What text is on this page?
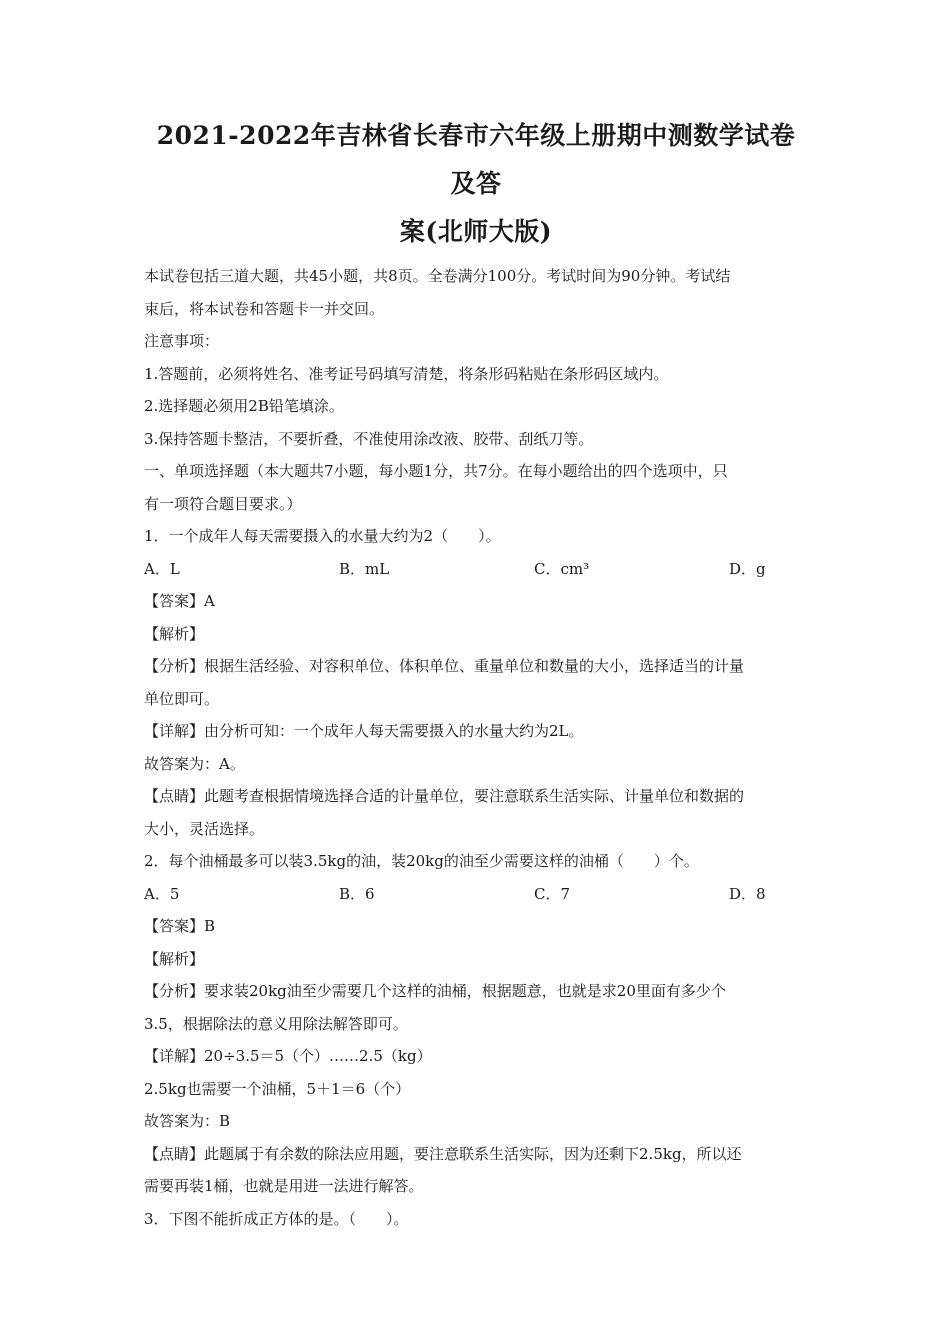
2021-2022年吉林省长春市六年级上册期中测数学试卷及答
案(北师大版)
本试卷包括三道大题，共45小题，共8页。全卷满分100分。考试时间为90分钟。考试结
束后，将本试卷和答题卡一并交回。
注意事项：
1.答题前，必须将姓名、准考证号码填写清楚，将条形码粘贴在条形码区域内。
2.选择题必须用2B铅笔填涂。
3.保持答题卡整洁，不要折叠，不准使用涂改液、胶带、刮纸刀等。
一、单项选择题（本大题共7小题，每小题1分，共7分。在每小题给出的四个选项中，只
有一项符合题目要求。）
1．一个成年人每天需要摄入的水量大约为2（　　）。
A．L	B．mL	C．cm³	D．g
【答案】A
【解析】
【分析】根据生活经验、对容积单位、体积单位、重量单位和数量的大小，选择适当的计量
单位即可。
【详解】由分析可知：一个成年人每天需要摄入的水量大约为2L。
故答案为：A。
【点睛】此题考查根据情境选择合适的计量单位，要注意联系生活实际、计量单位和数据的
大小，灵活选择。
2．每个油桶最多可以装3.5kg的油，装20kg的油至少需要这样的油桶（　　）个。
A．5	B．6	C．7	D．8
【答案】B
【解析】
【分析】要求装20kg油至少需要几个这样的油桶，根据题意，也就是求20里面有多少个
3.5，根据除法的意义用除法解答即可。
【详解】20÷3.5＝5（个）……2.5（kg）
2.5kg也需要一个油桶，5＋1＝6（个）
故答案为：B
【点睛】此题属于有余数的除法应用题，要注意联系生活实际，因为还剩下2.5kg，所以还
需要再装1桶，也就是用进一法进行解答。
3．下图不能折成正方体的是。（　　）。
